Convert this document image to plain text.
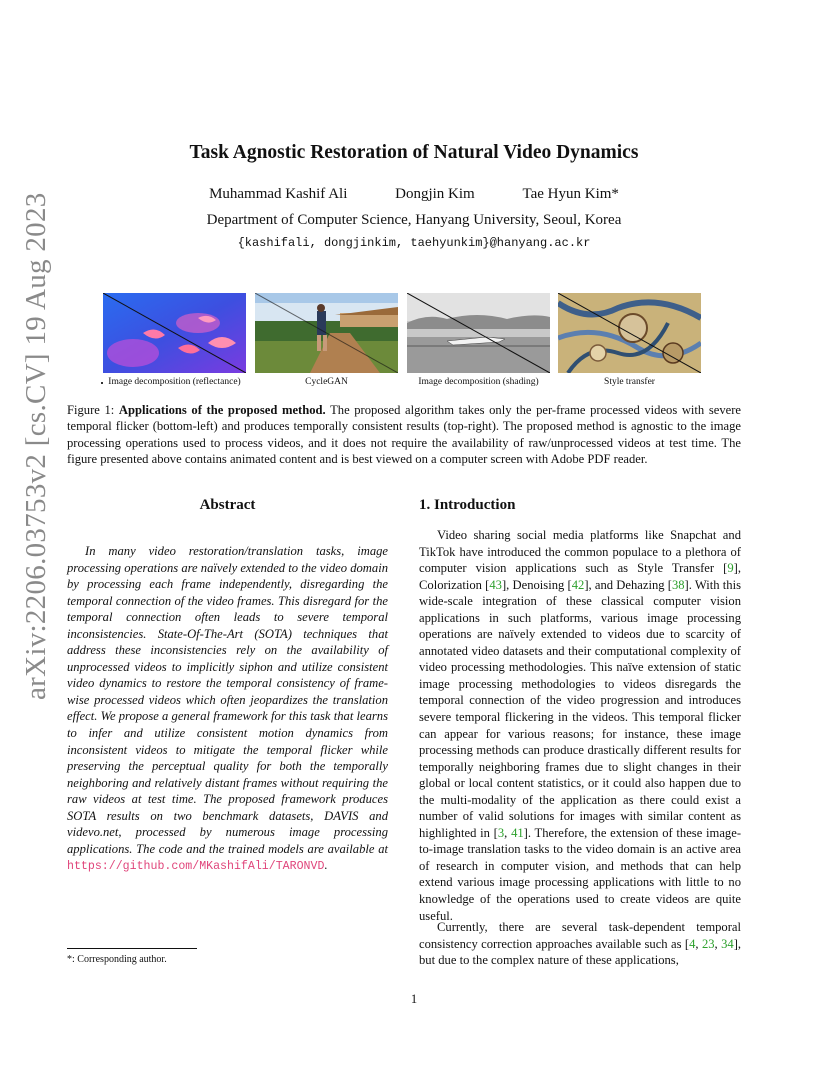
arXiv:2206.03753v2 [cs.CV] 19 Aug 2023
Task Agnostic Restoration of Natural Video Dynamics
Muhammad Kashif Ali	Dongjin Kim	Tae Hyun Kim*
Department of Computer Science, Hanyang University, Seoul, Korea
{kashifali, dongjinkim, taehyunkim}@hanyang.ac.kr
Image decomposition (reflectance)	CycleGAN	Image decomposition (shading)	Style transfer
Figure 1: Applications of the proposed method. The proposed algorithm takes only the per-frame processed videos with severe temporal flicker (bottom-left) and produces temporally consistent results (top-right). The proposed method is agnostic to the image processing operations used to process videos, and it does not require the availability of raw/unprocessed videos at test time. The figure presented above contains animated content and is best viewed on a computer screen with Adobe PDF reader.
Abstract
In many video restoration/translation tasks, image processing operations are naïvely extended to the video domain by processing each frame independently, disregarding the temporal connection of the video frames. This disregard for the temporal connection often leads to severe temporal inconsistencies. State-Of-The-Art (SOTA) techniques that address these inconsistencies rely on the availability of unprocessed videos to implicitly siphon and utilize consistent video dynamics to restore the temporal consistency of frame-wise processed videos which often jeopardizes the translation effect. We propose a general framework for this task that learns to infer and utilize consistent motion dynamics from inconsistent videos to mitigate the temporal flicker while preserving the perceptual quality for both the temporally neighboring and relatively distant frames without requiring the raw videos at test time. The proposed framework produces SOTA results on two benchmark datasets, DAVIS and videvo.net, processed by numerous image processing applications. The code and the trained models are available at https://github.com/MKashifAli/TARONVD.
1. Introduction
Video sharing social media platforms like Snapchat and TikTok have introduced the common populace to a plethora of computer vision applications such as Style Transfer [9], Colorization [43], Denoising [42], and Dehazing [38]. With this wide-scale integration of these classical computer vision applications in such platforms, various image processing operations are naïvely extended to videos due to scarcity of annotated video datasets and their computational complexity of video processing methodologies. This naïve extension of static image processing methodologies to videos disregards the temporal connection of the video progression and introduces severe temporal flickering in the videos. This temporal flicker can appear for various reasons; for instance, these image processing methods can produce drastically different results for temporally neighboring frames due to slight changes in their global or local content statistics, or it could also happen due to the multi-modality of the application as there could exist a number of valid solutions for images with similar content as highlighted in [3, 41]. Therefore, the extension of these image-to-image translation tasks to the video domain is an active area of research in computer vision, and methods that can help extend various image processing applications with little to no knowledge of the operations used to create videos are quite useful.
Currently, there are several task-dependent temporal consistency correction approaches available such as [4, 23, 34], but due to the complex nature of these applications,
*: Corresponding author.
1
